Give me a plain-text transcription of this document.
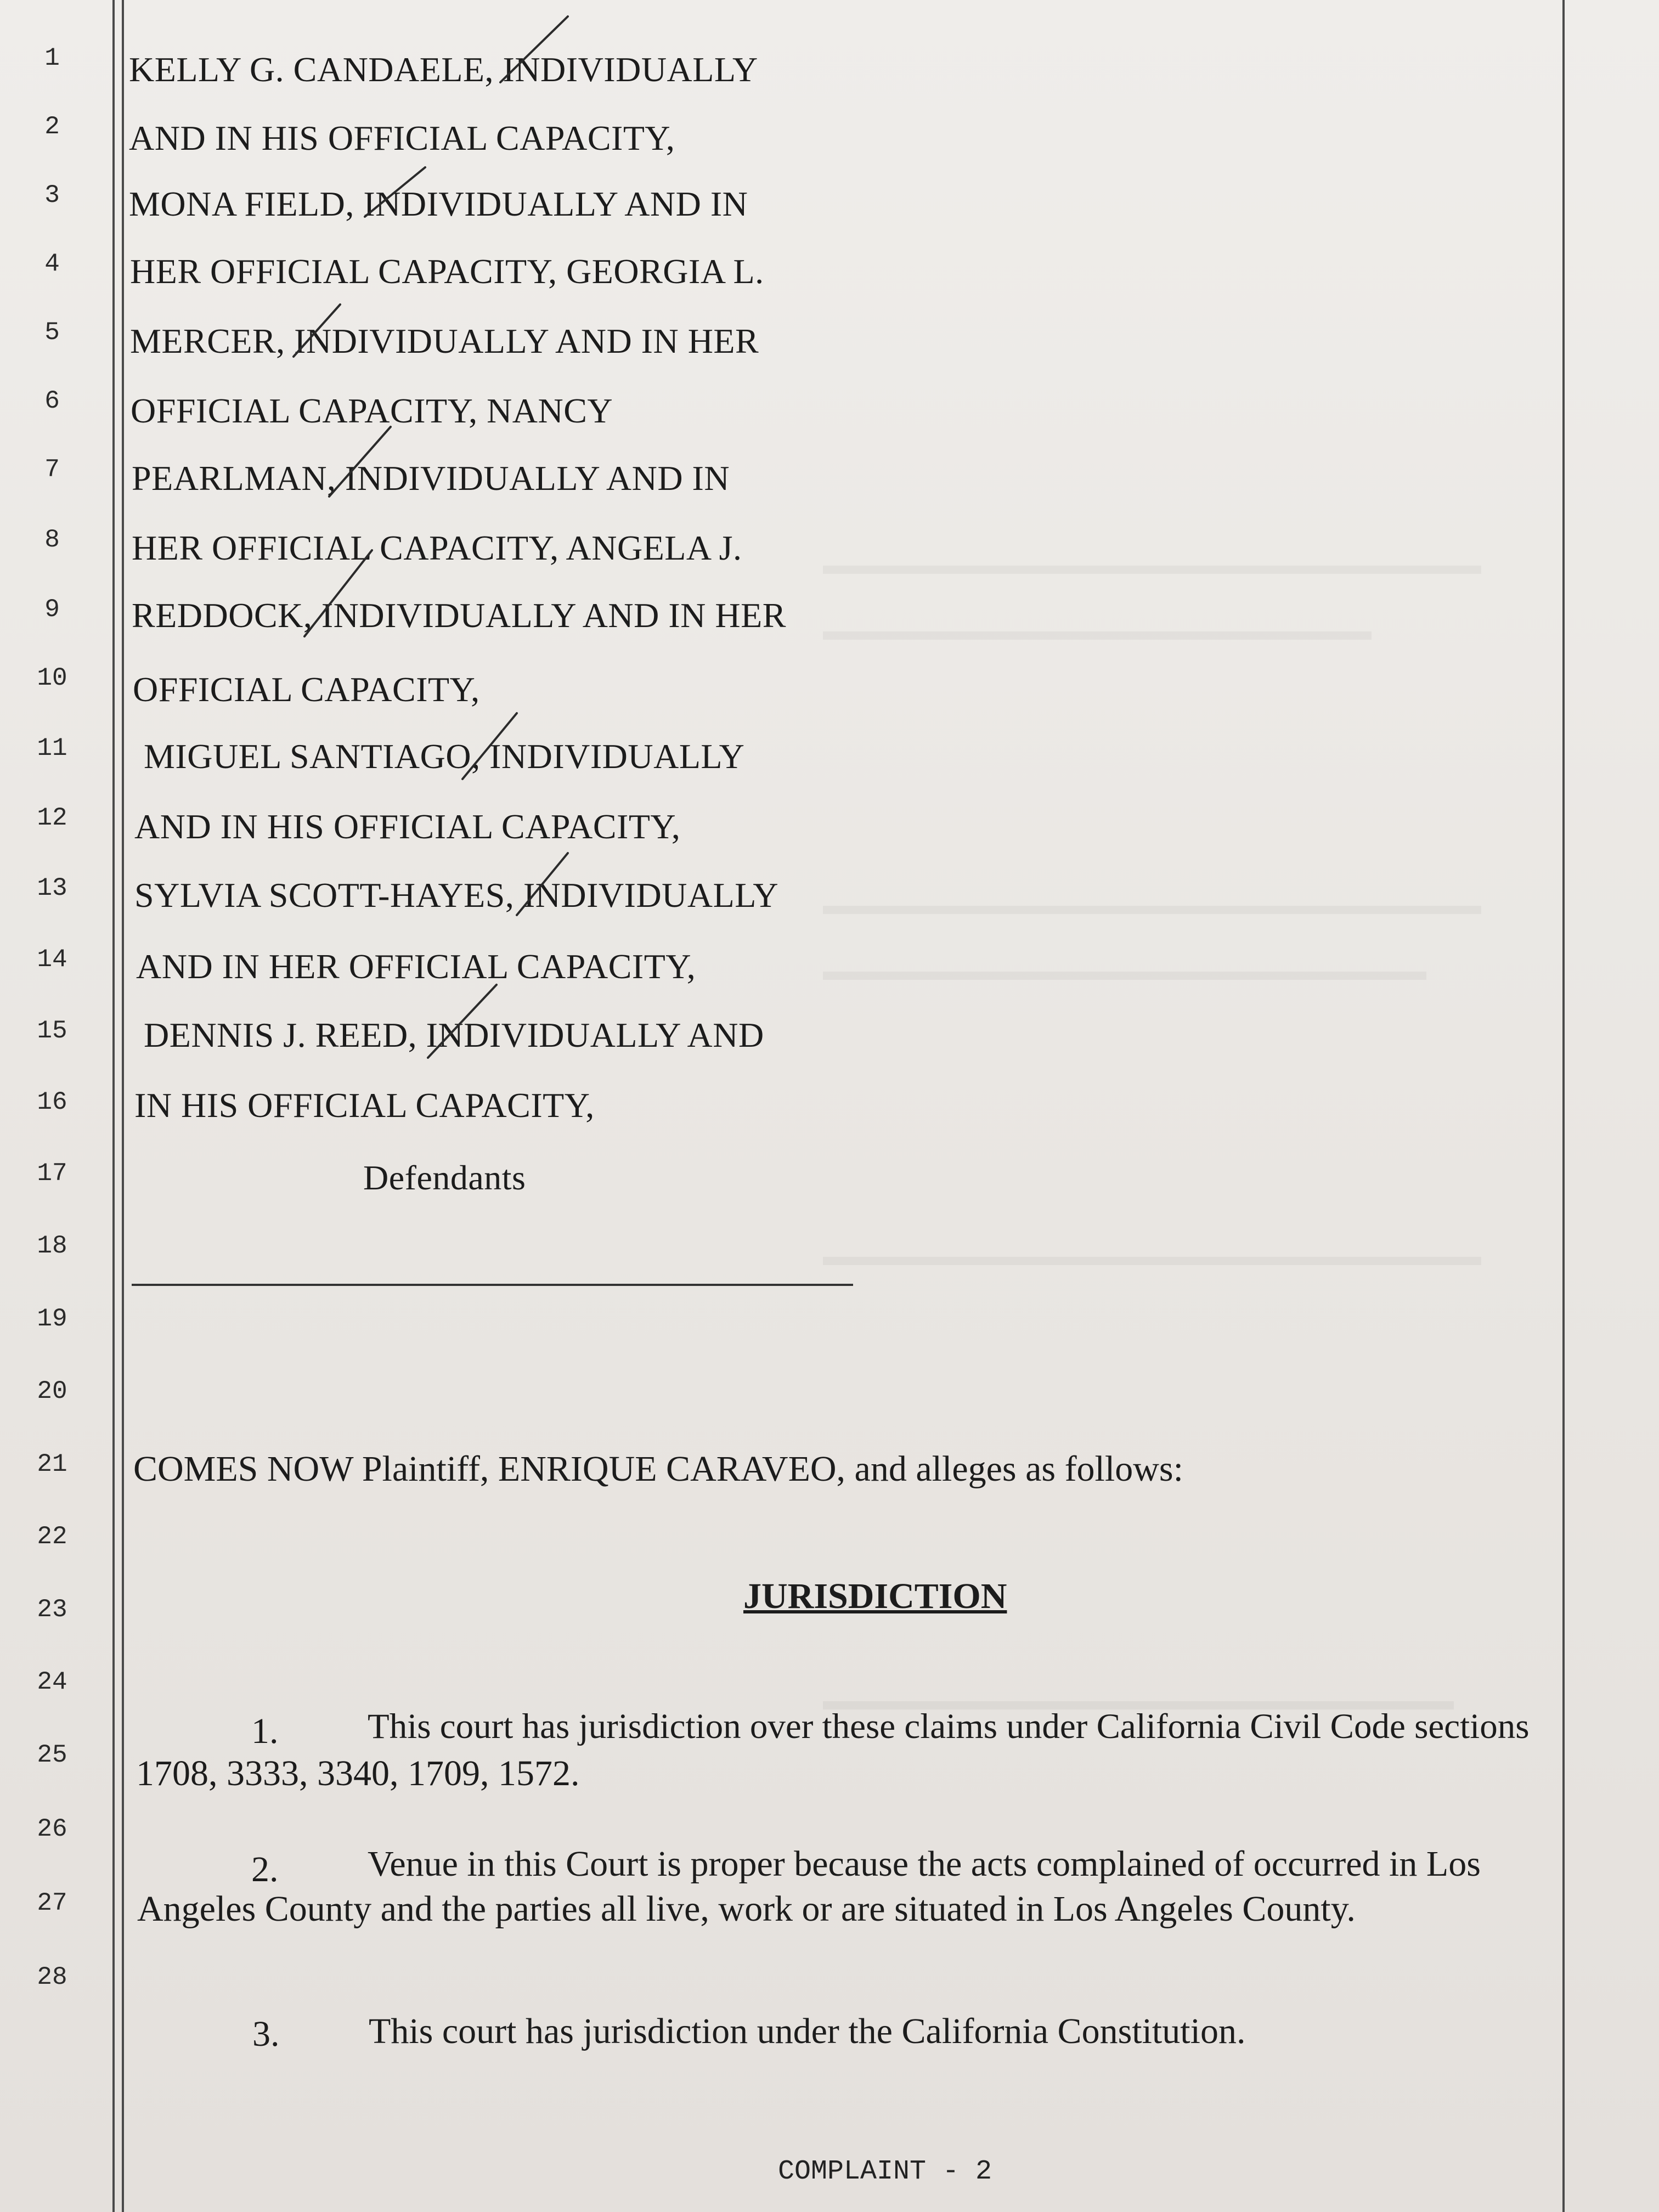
1
2
3
4
5
6
7
8
9
10
11
12
13
14
15
16
17
18
19
20
21
22
23
24
25
26
27
28
KELLY G. CANDAELE, INDIVIDUALLY
AND IN HIS OFFICIAL CAPACITY,
MONA FIELD, INDIVIDUALLY AND IN
HER OFFICIAL CAPACITY, GEORGIA L.
MERCER, INDIVIDUALLY AND IN HER
OFFICIAL CAPACITY, NANCY
PEARLMAN, INDIVIDUALLY AND IN
HER OFFICIAL CAPACITY, ANGELA J.
REDDOCK, INDIVIDUALLY AND IN HER
OFFICIAL CAPACITY,
MIGUEL SANTIAGO, INDIVIDUALLY
AND IN HIS OFFICIAL CAPACITY,
SYLVIA SCOTT-HAYES, INDIVIDUALLY
AND IN HER OFFICIAL CAPACITY,
DENNIS J. REED, INDIVIDUALLY AND
IN HIS OFFICIAL CAPACITY,
Defendants
COMES NOW Plaintiff, ENRIQUE CARAVEO, and alleges as follows:
JURISDICTION
1.	This court has jurisdiction over these claims under California Civil Code sections
1708, 3333, 3340, 1709, 1572.
2. Venue in this Court is proper because the acts complained of occurred in Los
Angeles County and the parties all live, work or are situated in Los Angeles County.
3. This court has jurisdiction under the California Constitution.
COMPLAINT - 2
